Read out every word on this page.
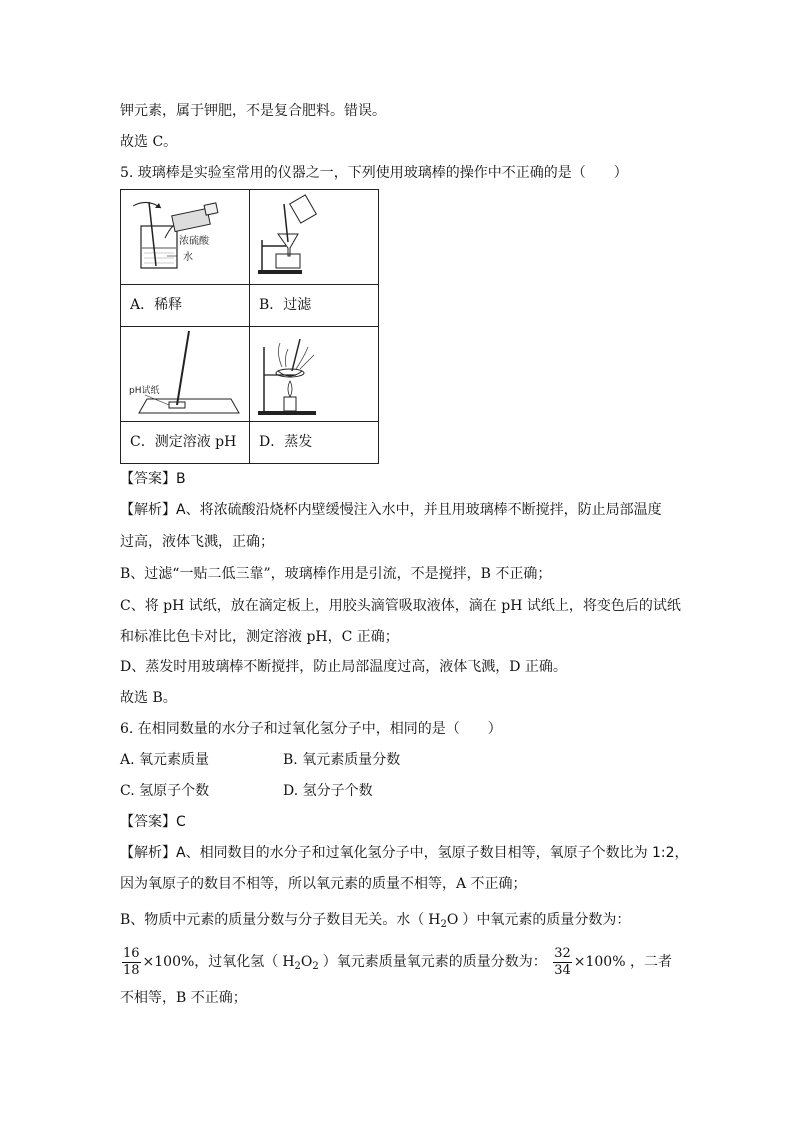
钾元素，属于钾肥，不是复合肥料。错误。
故选 C。
5. 玻璃棒是实验室常用的仪器之一，下列使用玻璃棒的操作中不正确的是（　　）
浓硫酸
水

A．稀释	B．过滤

pH试纸

C．测定溶液 pH	D．蒸发
【答案】B
【解析】A、将浓硫酸沿烧杯内壁缓慢注入水中，并且用玻璃棒不断搅拌，防止局部温度
过高，液体飞溅，正确；
B、过滤“一贴二低三靠”，玻璃棒作用是引流，不是搅拌，B 不正确；
C、将 pH 试纸，放在滴定板上，用胶头滴管吸取液体，滴在 pH 试纸上，将变色后的试纸
和标准比色卡对比，测定溶液 pH，C 正确；
D、蒸发时用玻璃棒不断搅拌，防止局部温度过高，液体飞溅，D 正确。
故选 B。
6. 在相同数量的水分子和过氧化氢分子中，相同的是（　　）
A. 氧元素质量	B. 氧元素质量分数
C. 氢原子个数	D. 氢分子个数
【答案】C
【解析】A、相同数目的水分子和过氧化氢分子中，氢原子数目相等，氧原子个数比为 1:2，
因为氧原子的数目不相等，所以氧元素的质量不相等，A 不正确；
B、物质中元素的质量分数与分子数目无关。水（ $H_2O$ ）中氧元素的质量分数为：
$\frac{16}{18} \times 100\%$，过氧化氢（ $H_2O_2$ ）氧元素质量氧元素的质量分数为： $\frac{32}{34} \times 100\%$ ，二者
不相等，B 不正确；
